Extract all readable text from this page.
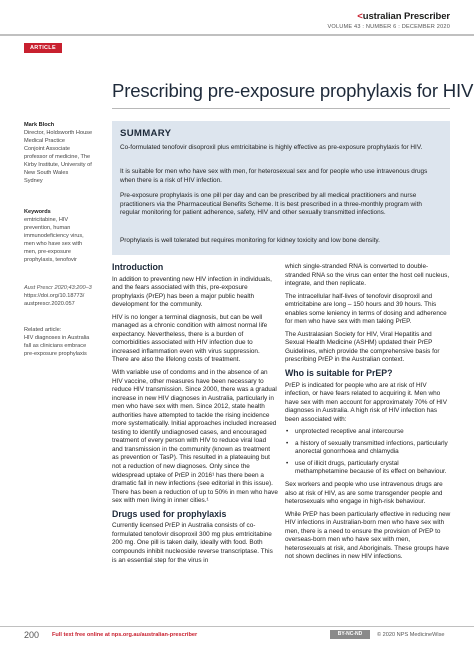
<ustralian Prescriber
VOLUME 43 : NUMBER 6 : DECEMBER 2020
ARTICLE
Prescribing pre-exposure prophylaxis for HIV
Mark Bloch
Director, Holdsworth House
Medical Practice
Conjoint Associate
professor of medicine, The
Kirby Institute, University of
New South Wales
Sydney
Keywords
emtricitabine, HIV
prevention, human
immunodeficiency virus,
men who have sex with
men, pre-exposure
prophylaxis, tenofovir
Aust Prescr 2020;43:200–3
https://doi.org/10.18773/
austprescr.2020.057
Related article:
HIV diagnoses in Australia
fall as clinicians embrace
pre-exposure prophylaxis
SUMMARY

Co-formulated tenofovir disoproxil plus emtricitabine is highly effective as pre-exposure prophylaxis for HIV.

It is suitable for men who have sex with men, for heterosexual sex and for people who use intravenous drugs when there is a risk of HIV infection.

Pre-exposure prophylaxis is one pill per day and can be prescribed by all medical practitioners and nurse practitioners via the Pharmaceutical Benefits Scheme. It is best prescribed in a three-monthly program with regular monitoring for patient adherence, safety, HIV and other sexually transmitted infections.

Prophylaxis is well tolerated but requires monitoring for kidney toxicity and low bone density.

Introduction

In addition to preventing new HIV infection in individuals, and the fears associated with this, pre-exposure prophylaxis (PrEP) has been a major public health development for the community.

HIV is no longer a terminal diagnosis, but can be well managed as a chronic condition with almost normal life expectancy. Nevertheless, there is a burden of comorbidities associated with HIV infection due to increased inflammation even with virus suppression. There are also the lifelong costs of treatment.

With variable use of condoms and in the absence of an HIV vaccine, other measures have been necessary to reduce HIV transmission. Since 2000, there was a gradual increase in new HIV diagnoses in Australia, particularly in men who have sex with men. Since 2012, state health authorities have attempted to tackle the rising incidence more systematically. Initial approaches included increased testing to identify undiagnosed cases, and encouraged treatment of every person with HIV to reduce viral load and transmission in the community (known as treatment as prevention or TasP). This resulted in a plateauing but not a reduction of new diagnoses. Only since the widespread uptake of PrEP in 2016¹ has there been a dramatic fall in new infections (see editorial in this issue). There has been a reduction of up to 50% in men who have sex with men living in inner cities.¹

Drugs used for prophylaxis

Currently licensed PrEP in Australia consists of co-formulated tenofovir disoproxil 300 mg plus emtricitabine 200 mg. One pill is taken daily, ideally with food. Both compounds inhibit nucleoside reverse transcriptase. This is an essential step for the virus in

which single-stranded RNA is converted to double-stranded RNA so the virus can enter the host cell nucleus, integrate, and then replicate.

The intracellular half-lives of tenofovir disoproxil and emtricitabine are long – 150 hours and 39 hours. This enables some leniency in terms of dosing and adherence for men who have sex with men taking PrEP.

The Australasian Society for HIV, Viral Hepatitis and Sexual Health Medicine (ASHM) updated their PrEP Guidelines, which provide the comprehensive basis for prescribing PrEP in the Australian context.

Who is suitable for PrEP?

PrEP is indicated for people who are at risk of HIV infection, or have fears related to acquiring it. Men who have sex with men account for approximately 70% of HIV diagnoses in Australia. A high risk of HIV infection has been associated with:

• unprotected receptive anal intercourse
• a history of sexually transmitted infections, particularly anorectal gonorrhoea and chlamydia
• use of illicit drugs, particularly crystal methamphetamine because of its effect on behaviour.

Sex workers and people who use intravenous drugs are also at risk of HIV, as are some transgender people and heterosexuals who engage in high-risk behaviour.

While PrEP has been particularly effective in reducing new HIV infections in Australian-born men who have sex with men, there is a need to ensure the provision of PrEP to overseas-born men who have sex with men, heterosexuals at risk, and Aboriginals. These groups have not shown declines in new HIV infections.

200 Full text free online at nps.org.au/australian-prescriber	BY-NC-ND	© 2020 NPS MedicineWise
